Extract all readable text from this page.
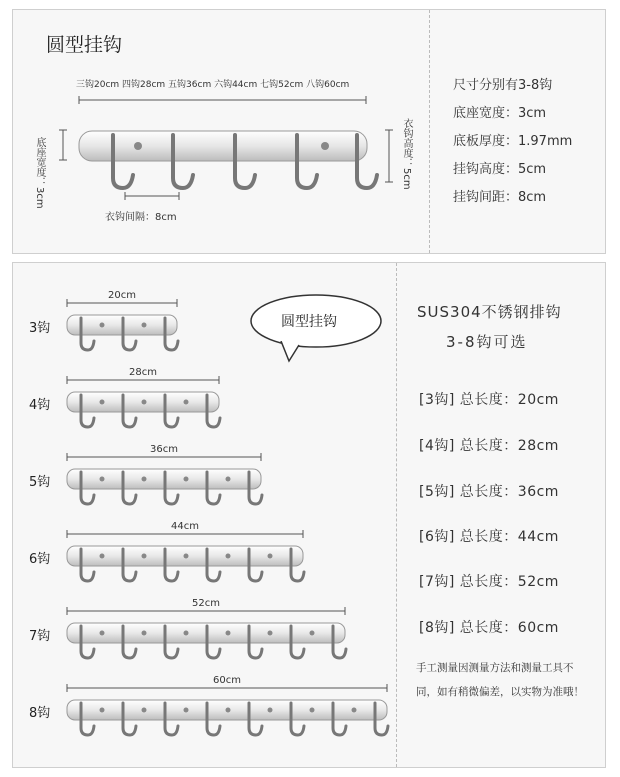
圆型挂钩
三钩20cm 四钩28cm 五钩36cm 六钩44cm 七钩52cm 八钩60cm
底座宽度：3cm	衣钩高度：5cm
衣钩间隔：8cm
尺寸分别有3-8钩
底座宽度：3cm
底板厚度：1.97mm
挂钩高度：5cm
挂钩间距：8cm
20cm
28cm
36cm
44cm
52cm
60cm
圆型挂钩
3钩
4钩
5钩
6钩
7钩
8钩
SUS304不锈钢排钩
3-8钩可选
[3钩] 总长度：20cm
[4钩] 总长度：28cm
[5钩] 总长度：36cm
[6钩] 总长度：44cm
[7钩] 总长度：52cm
[8钩] 总长度：60cm
手工测量因测量方法和测量工具不同，如有稍微偏差，以实物为准哦！
